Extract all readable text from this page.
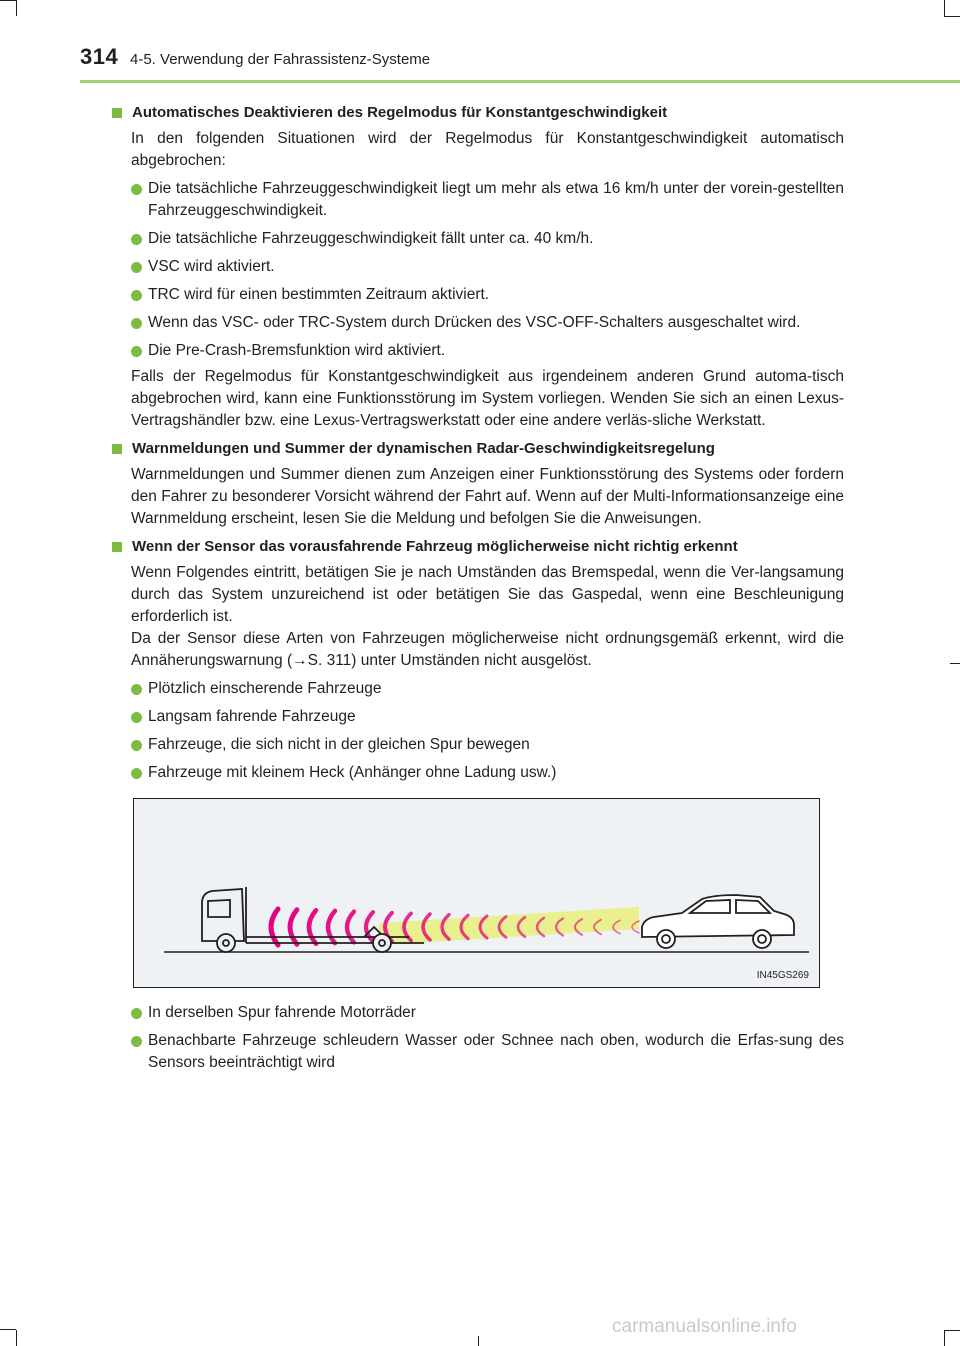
314 4-5. Verwendung der Fahrassistenz-Systeme
Automatisches Deaktivieren des Regelmodus für Konstantgeschwindigkeit
In den folgenden Situationen wird der Regelmodus für Konstantgeschwindigkeit automatisch abgebrochen:
Die tatsächliche Fahrzeuggeschwindigkeit liegt um mehr als etwa 16 km/h unter der vorein-gestellten Fahrzeuggeschwindigkeit.
Die tatsächliche Fahrzeuggeschwindigkeit fällt unter ca. 40 km/h.
VSC wird aktiviert.
TRC wird für einen bestimmten Zeitraum aktiviert.
Wenn das VSC- oder TRC-System durch Drücken des VSC-OFF-Schalters ausgeschaltet wird.
Die Pre-Crash-Bremsfunktion wird aktiviert.
Falls der Regelmodus für Konstantgeschwindigkeit aus irgendeinem anderen Grund automa-tisch abgebrochen wird, kann eine Funktionsstörung im System vorliegen. Wenden Sie sich an einen Lexus-Vertragshändler bzw. eine Lexus-Vertragswerkstatt oder eine andere verläs-sliche Werkstatt.
Warnmeldungen und Summer der dynamischen Radar-Geschwindigkeitsregelung
Warnmeldungen und Summer dienen zum Anzeigen einer Funktionsstörung des Systems oder fordern den Fahrer zu besonderer Vorsicht während der Fahrt auf. Wenn auf der Multi-Informationsanzeige eine Warnmeldung erscheint, lesen Sie die Meldung und befolgen Sie die Anweisungen.
Wenn der Sensor das vorausfahrende Fahrzeug möglicherweise nicht richtig erkennt
Wenn Folgendes eintritt, betätigen Sie je nach Umständen das Bremspedal, wenn die Ver-langsamung durch das System unzureichend ist oder betätigen Sie das Gaspedal, wenn eine Beschleunigung erforderlich ist.
Da der Sensor diese Arten von Fahrzeugen möglicherweise nicht ordnungsgemäß erkennt, wird die Annäherungswarnung (→S. 311) unter Umständen nicht ausgelöst.
Plötzlich einscherende Fahrzeuge
Langsam fahrende Fahrzeuge
Fahrzeuge, die sich nicht in der gleichen Spur bewegen
Fahrzeuge mit kleinem Heck (Anhänger ohne Ladung usw.)
IN45GS269
In derselben Spur fahrende Motorräder
Benachbarte Fahrzeuge schleudern Wasser oder Schnee nach oben, wodurch die Erfas-sung des Sensors beeinträchtigt wird
carmanualsonline.info
